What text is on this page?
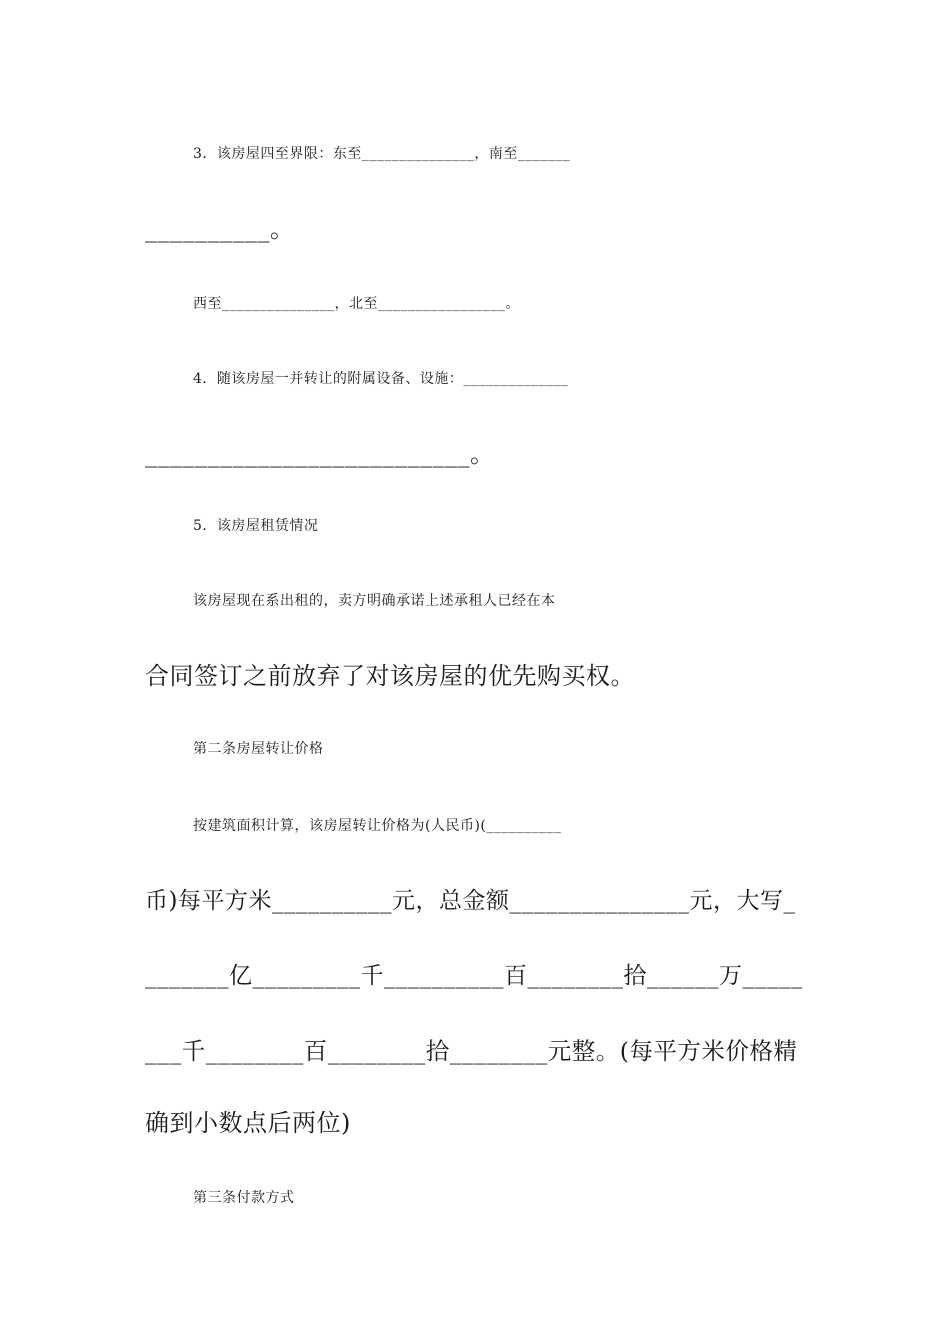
3．该房屋四至界限：东至_______________，南至_______
__________。
西至_______________，北至_________________。
4．随该房屋一并转让的附属设备、设施：______________
__________________________。
5．该房屋租赁情况
该房屋现在系出租的，卖方明确承诺上述承租人已经在本
合同签订之前放弃了对该房屋的优先购买权。
第二条房屋转让价格
按建筑面积计算，该房屋转让价格为(人民币)(__________
币)每平方米__________元，总金额_______________元，大写_
_______亿_________千__________百________拾______万_____
___千________百________拾________元整。(每平方米价格精
确到小数点后两位)
第三条付款方式
